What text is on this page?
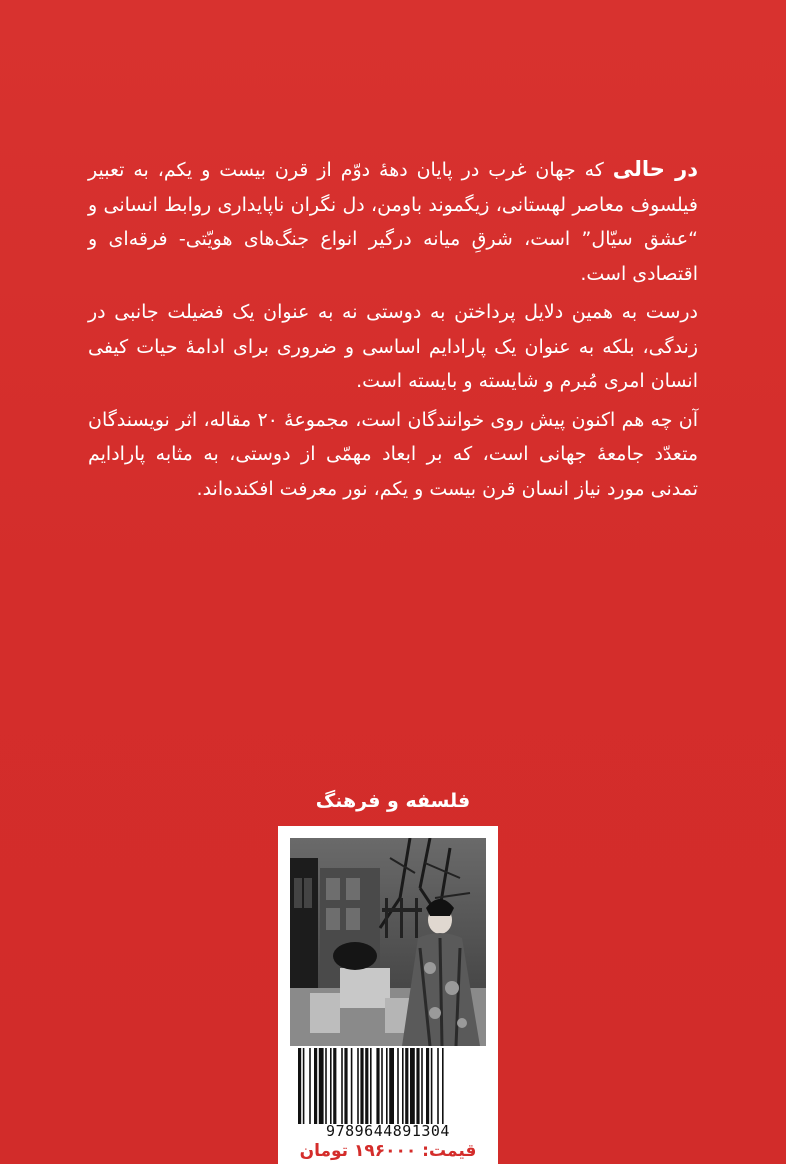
در حالی که جهان غرب در پایان دههٔ دوّم از قرن بیست و یکم، به تعبیر فیلسوف معاصر لهستانی، زیگموند باومن، دل نگران ناپایداری روابط انسانی و “عشق سیّال” است، شرقِ میانه درگیر انواع جنگ‌های هویّتی- فرقه‌ای و اقتصادی است.

درست به همین دلایل پرداختن به دوستی نه به عنوان یک فضیلت جانبی در زندگی، بلکه به عنوان یک پارادایم اساسی و ضروری برای ادامهٔ حیات کیفی انسان امری مُبرم و شایسته و بایسته است.

آن چه هم اکنون پیش روی خوانندگان است، مجموعهٔ ۲۰ مقاله، اثر نویسندگان متعدّد جامعهٔ جهانی است، که بر ابعاد مهمّی از دوستی، به مثابه پارادایم تمدنی مورد نیاز انسان قرن بیست و یکم، نور معرفت افکنده‌اند.

فلسفه و فرهنگ
9789644891304
قیمت: ۱۹۶۰۰۰ تومان
